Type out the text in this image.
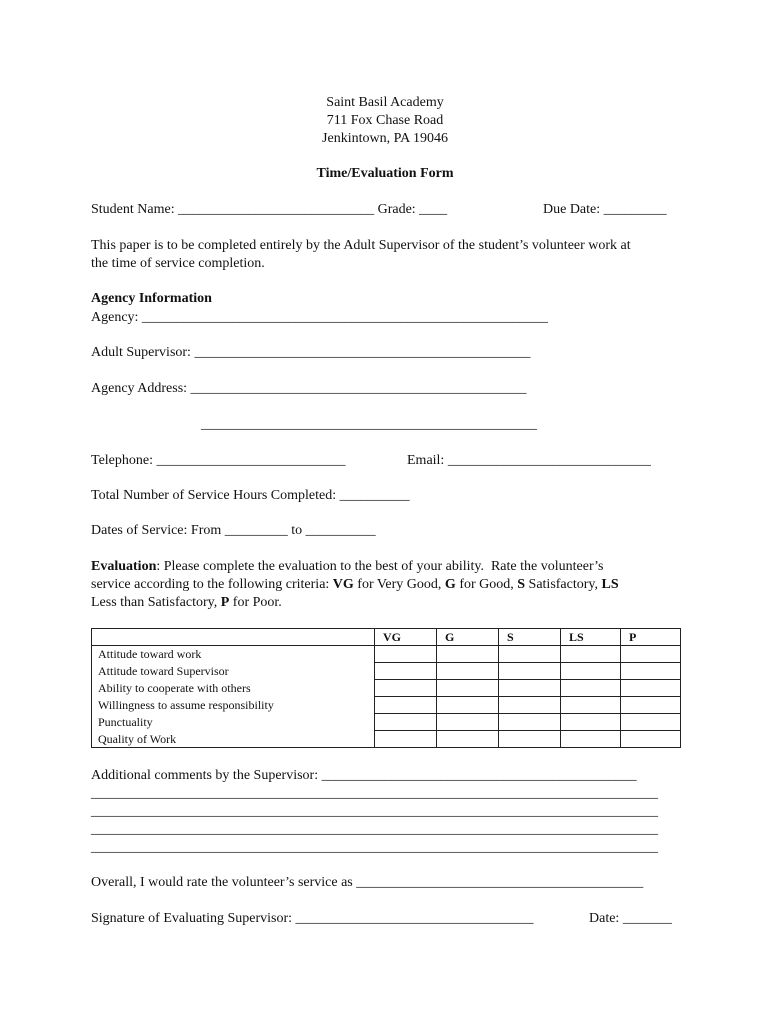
Saint Basil Academy
711 Fox Chase Road
Jenkintown, PA 19046
Time/Evaluation Form
Student Name: ____________________________ Grade: ____	Due Date: _________
This paper is to be completed entirely by the Adult Supervisor of the student’s volunteer work at
the time of service completion.
Agency Information
Agency: __________________________________________________________
Adult Supervisor: ________________________________________________
Agency Address: ________________________________________________
________________________________________________
Telephone: ___________________________	Email: _____________________________
Total Number of Service Hours Completed: __________
Dates of Service: From _________ to __________
Evaluation: Please complete the evaluation to the best of your ability.  Rate the volunteer’s
service according to the following criteria: VG for Very Good, G for Good, S Satisfactory, LS
Less than Satisfactory, P for Poor.
	VG	G	S	LS	P
Attitude toward work					
Attitude toward Supervisor					
Ability to cooperate with others					
Willingness to assume responsibility					
Punctuality					
Quality of Work					
Additional comments by the Supervisor: _____________________________________________
_________________________________________________________________________________
_________________________________________________________________________________
_________________________________________________________________________________
_________________________________________________________________________________
Overall, I would rate the volunteer’s service as _________________________________________
Signature of Evaluating Supervisor: __________________________________	Date: _______
